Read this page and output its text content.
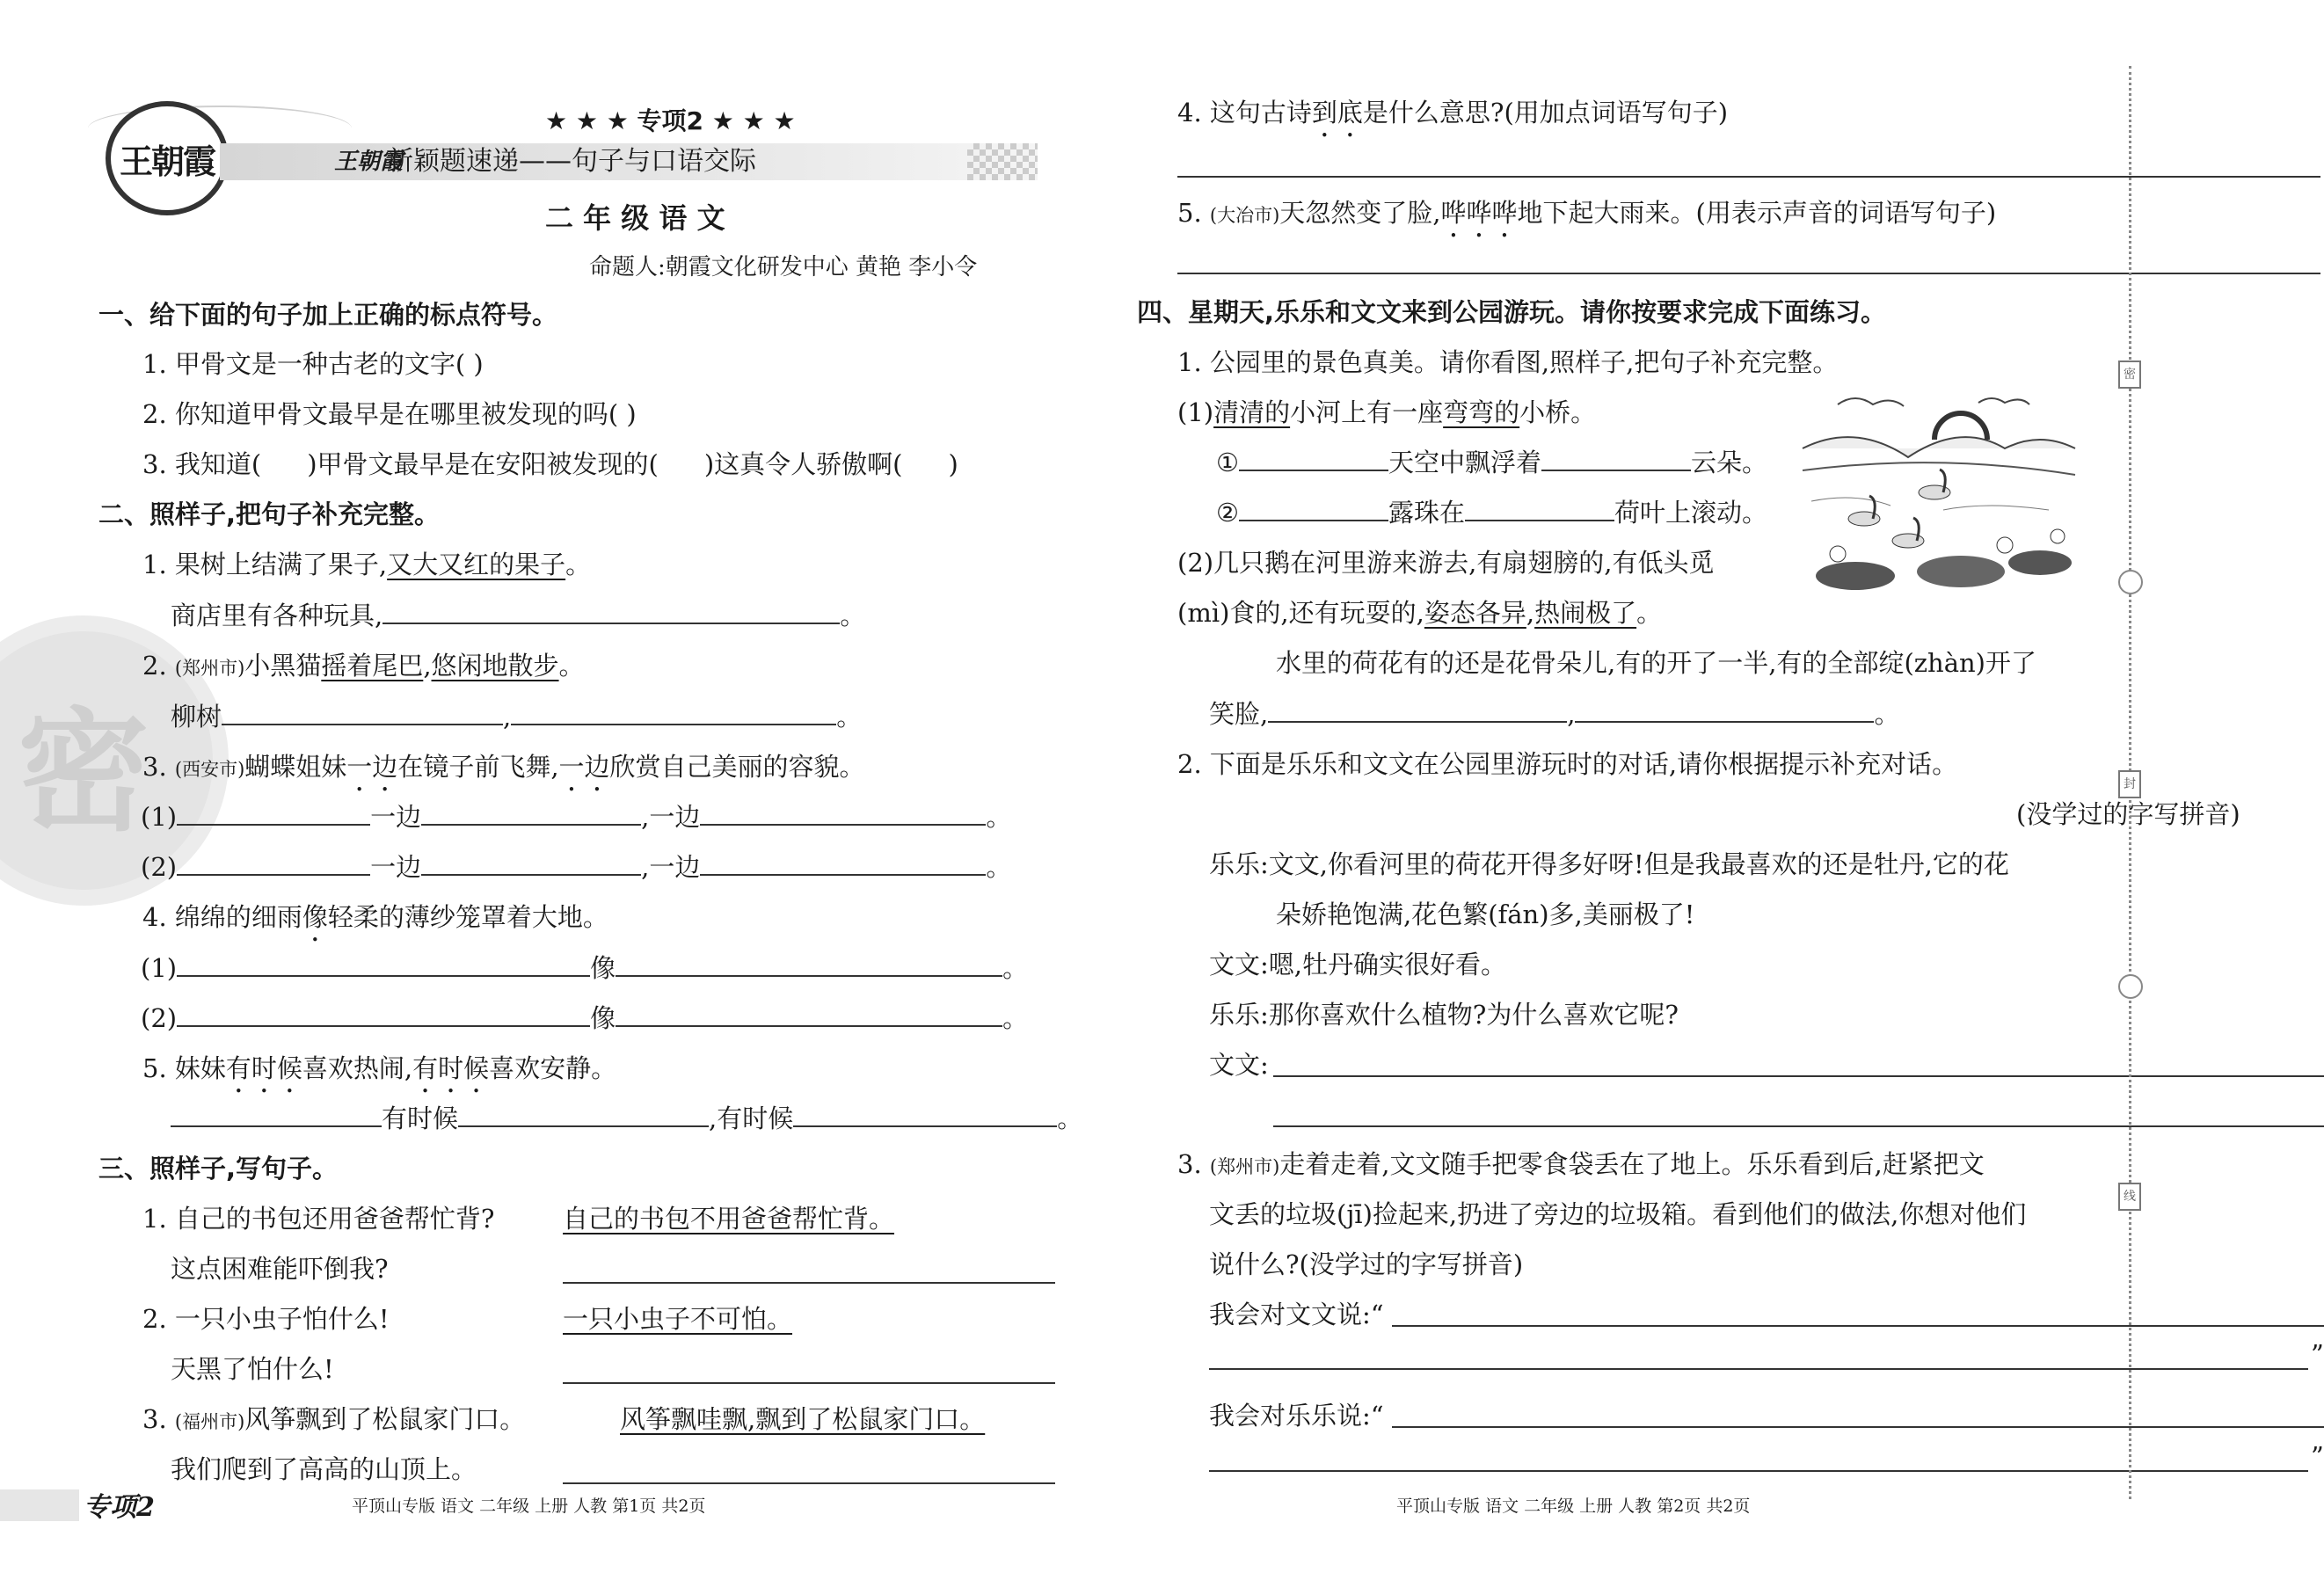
密
王朝霞
★ ★ ★ 专项2 ★ ★ ★
王朝霞
新颖题速递——句子与口语交际
二 年 级 语 文
命题人:朝霞文化研发中心 黄艳 李小令
一、给下面的句子加上正确的标点符号。
1. 甲骨文是一种古老的文字( )
2. 你知道甲骨文最早是在哪里被发现的吗( )
3. 我知道( )甲骨文最早是在安阳被发现的( )这真令人骄傲啊( )
二、照样子,把句子补充完整。
1. 果树上结满了果子,又大又红的果子。
商店里有各种玩具,	。
2. (郑州市)小黑猫摇着尾巴,悠闲地散步。
柳树	,	。
3. (西安市)蝴蝶姐妹一边在镜子前飞舞,一边欣赏自己美丽的容貌。
(1)	一边	,一边	。
(2)	一边	,一边	。
4. 绵绵的细雨像轻柔的薄纱笼罩着大地。
(1)	像	。
(2)	像	。
5. 妹妹有时候喜欢热闹,有时候喜欢安静。
有时候	,有时候	。
三、照样子,写句子。
1. 自己的书包还用爸爸帮忙背?	自己的书包不用爸爸帮忙背。
这点困难能吓倒我?
2. 一只小虫子怕什么!	一只小虫子不可怕。
天黑了怕什么!
3. (福州市)风筝飘到了松鼠家门口。	风筝飘哇飘,飘到了松鼠家门口。
我们爬到了高高的山顶上。
专项2	平顶山专版 语文 二年级 上册 人教 第1页 共2页
4. 这句古诗到底是什么意思?(用加点词语写句子)
5. (大冶市)天忽然变了脸,哗哗哗地下起大雨来。(用表示声音的词语写句子)
四、星期天,乐乐和文文来到公园游玩。请你按要求完成下面练习。
1. 公园里的景色真美。请你看图,照样子,把句子补充完整。
(1)清清的小河上有一座弯弯的小桥。
①	天空中飘浮着	云朵。
②	露珠在	荷叶上滚动。
(2)几只鹅在河里游来游去,有扇翅膀的,有低头觅
(mì)食的,还有玩耍的,姿态各异,热闹极了。
水里的荷花有的还是花骨朵儿,有的开了一半,有的全部绽(zhàn)开了
笑脸,	,	。
2. 下面是乐乐和文文在公园里游玩时的对话,请你根据提示补充对话。
(没学过的字写拼音)
乐乐:文文,你看河里的荷花开得多好呀!但是我最喜欢的还是牡丹,它的花
朵娇艳饱满,花色繁(fán)多,美丽极了!
文文:嗯,牡丹确实很好看。
乐乐:那你喜欢什么植物?为什么喜欢它呢?
文文:
3. (郑州市)走着走着,文文随手把零食袋丢在了地上。乐乐看到后,赶紧把文
文丢的垃圾(jī)捡起来,扔进了旁边的垃圾箱。看到他们的做法,你想对他们
说什么?(没学过的字写拼音)
我会对文文说:“
”
我会对乐乐说:“
”
平顶山专版 语文 二年级 上册 人教 第2页 共2页
密
封
线
